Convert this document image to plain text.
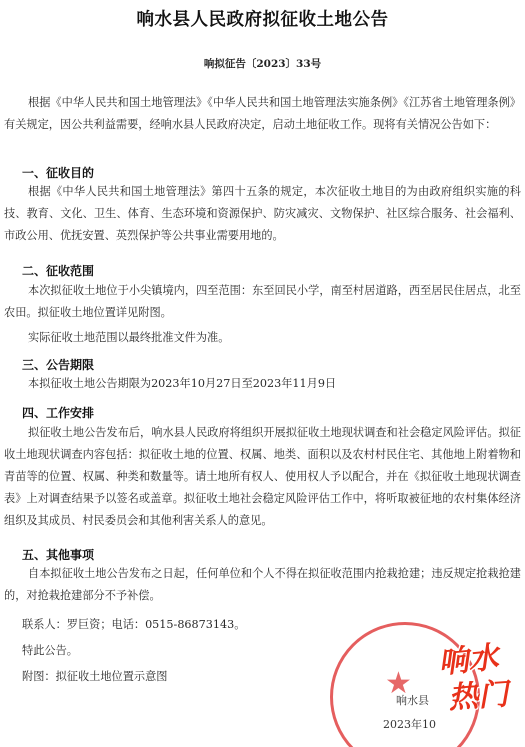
响水县人民政府拟征收土地公告
响拟征告〔2023〕33号

根据《中华人民共和国土地管理法》《中华人民共和国土地管理法实施条例》《江苏省土地管理条例》有关规定，因公共利益需要，经响水县人民政府决定，启动土地征收工作。现将有关情况公告如下：

一、征收目的

根据《中华人民共和国土地管理法》第四十五条的规定，本次征收土地目的为由政府组织实施的科技、教育、文化、卫生、体育、生态环境和资源保护、防灾减灾、文物保护、社区综合服务、社会福利、市政公用、优抚安置、英烈保护等公共事业需要用地的。

二、征收范围

本次拟征收土地位于小尖镇境内，四至范围：东至回民小学，南至村居道路，西至居民住居点，北至农田。拟征收土地位置详见附图。

实际征收土地范围以最终批准文件为准。

三、公告期限

本拟征收土地公告期限为2023年10月27日至2023年11月9日

四、工作安排

拟征收土地公告发布后，响水县人民政府将组织开展拟征收土地现状调查和社会稳定风险评估。拟征收土地现状调查内容包括：拟征收土地的位置、权属、地类、面积以及农村村民住宅、其他地上附着物和青苗等的位置、权属、种类和数量等。请土地所有权人、使用权人予以配合，并在《拟征收土地现状调查表》上对调查结果予以签名或盖章。拟征收土地社会稳定风险评估工作中，将听取被征地的农村集体经济组织及其成员、村民委员会和其他利害关系人的意见。

五、其他事项

自本拟征收土地公告发布之日起，任何单位和个人不得在拟征收范围内抢栽抢建；违反规定抢栽抢建的，对抢栽抢建部分不予补偿。

联系人：罗巨资；电话：0515-86873143。
特此公告。
附图：拟征收土地位置示意图	★
响水县
2023年10
响水
热门
